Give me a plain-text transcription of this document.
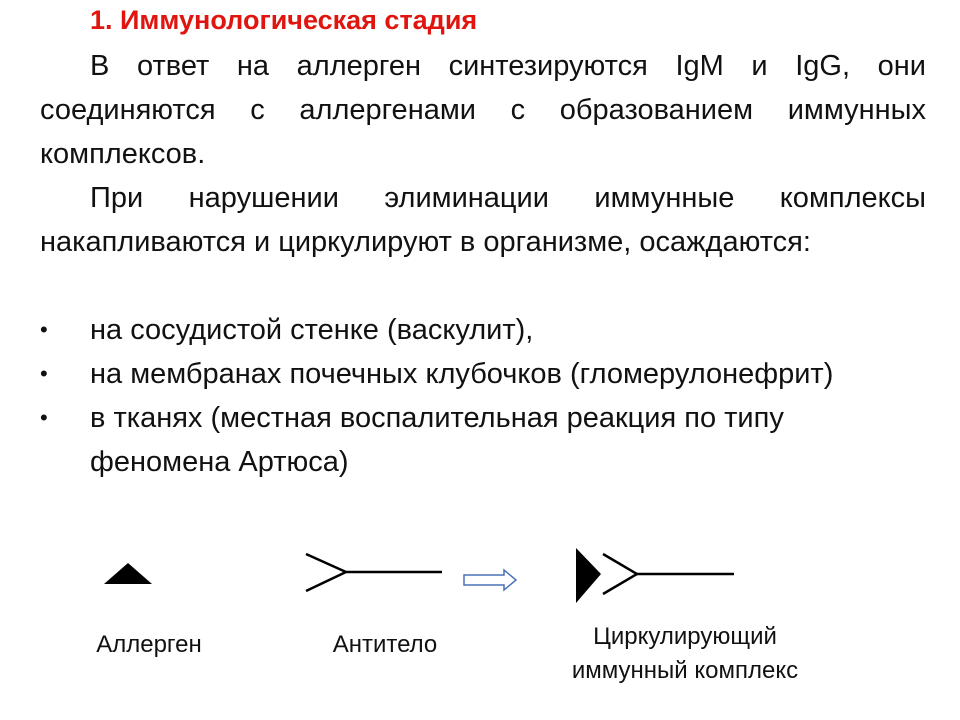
1. Иммунологическая стадия

В ответ на аллерген синтезируются IgM и IgG, они соединяются с аллергенами с образованием иммунных комплексов.

При нарушении элиминации иммунные комплексы накапливаются и циркулируют в организме, осаждаются:

•	на сосудистой стенке (васкулит),
•	на мембранах почечных клубочков (гломерулонефрит)
•	в тканях (местная воспалительная реакция по типу феномена Артюса)
Аллерген	Антитело	Циркулирующий
иммунный комплекс
